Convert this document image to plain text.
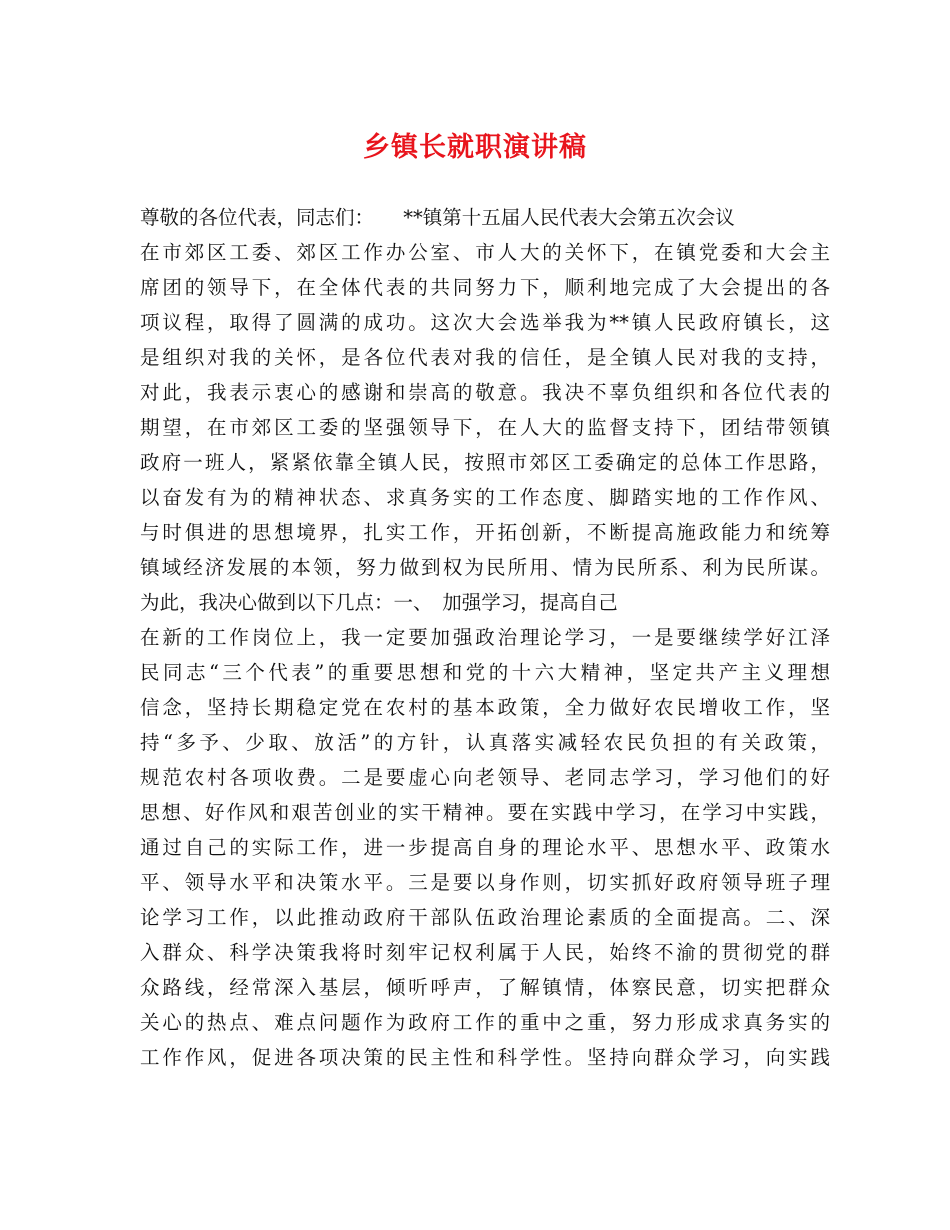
乡镇长就职演讲稿
尊敬的各位代表，同志们：　　**镇第十五届人民代表大会第五次会议
在市郊区工委、郊区工作办公室、市人大的关怀下，在镇党委和大会主
席团的领导下，在全体代表的共同努力下，顺利地完成了大会提出的各
项议程，取得了圆满的成功。这次大会选举我为**镇人民政府镇长，这
是组织对我的关怀，是各位代表对我的信任，是全镇人民对我的支持，
对此，我表示衷心的感谢和崇高的敬意。我决不辜负组织和各位代表的
期望，在市郊区工委的坚强领导下，在人大的监督支持下，团结带领镇
政府一班人，紧紧依靠全镇人民，按照市郊区工委确定的总体工作思路，
以奋发有为的精神状态、求真务实的工作态度、脚踏实地的工作作风、
与时俱进的思想境界，扎实工作，开拓创新，不断提高施政能力和统筹
镇域经济发展的本领，努力做到权为民所用、情为民所系、利为民所谋。
为此，我决心做到以下几点：一、　加强学习，提高自己
在新的工作岗位上，我一定要加强政治理论学习，一是要继续学好江泽
民同志“三个代表”的重要思想和党的十六大精神，坚定共产主义理想
信念，坚持长期稳定党在农村的基本政策，全力做好农民增收工作，坚
持“多予、少取、放活”的方针，认真落实减轻农民负担的有关政策，
规范农村各项收费。二是要虚心向老领导、老同志学习，学习他们的好
思想、好作风和艰苦创业的实干精神。要在实践中学习，在学习中实践，
通过自己的实际工作，进一步提高自身的理论水平、思想水平、政策水
平、领导水平和决策水平。三是要以身作则，切实抓好政府领导班子理
论学习工作，以此推动政府干部队伍政治理论素质的全面提高。二、深
入群众、科学决策我将时刻牢记权利属于人民，始终不渝的贯彻党的群
众路线，经常深入基层，倾听呼声，了解镇情，体察民意，切实把群众
关心的热点、难点问题作为政府工作的重中之重，努力形成求真务实的
工作作风，促进各项决策的民主性和科学性。坚持向群众学习，向实践
